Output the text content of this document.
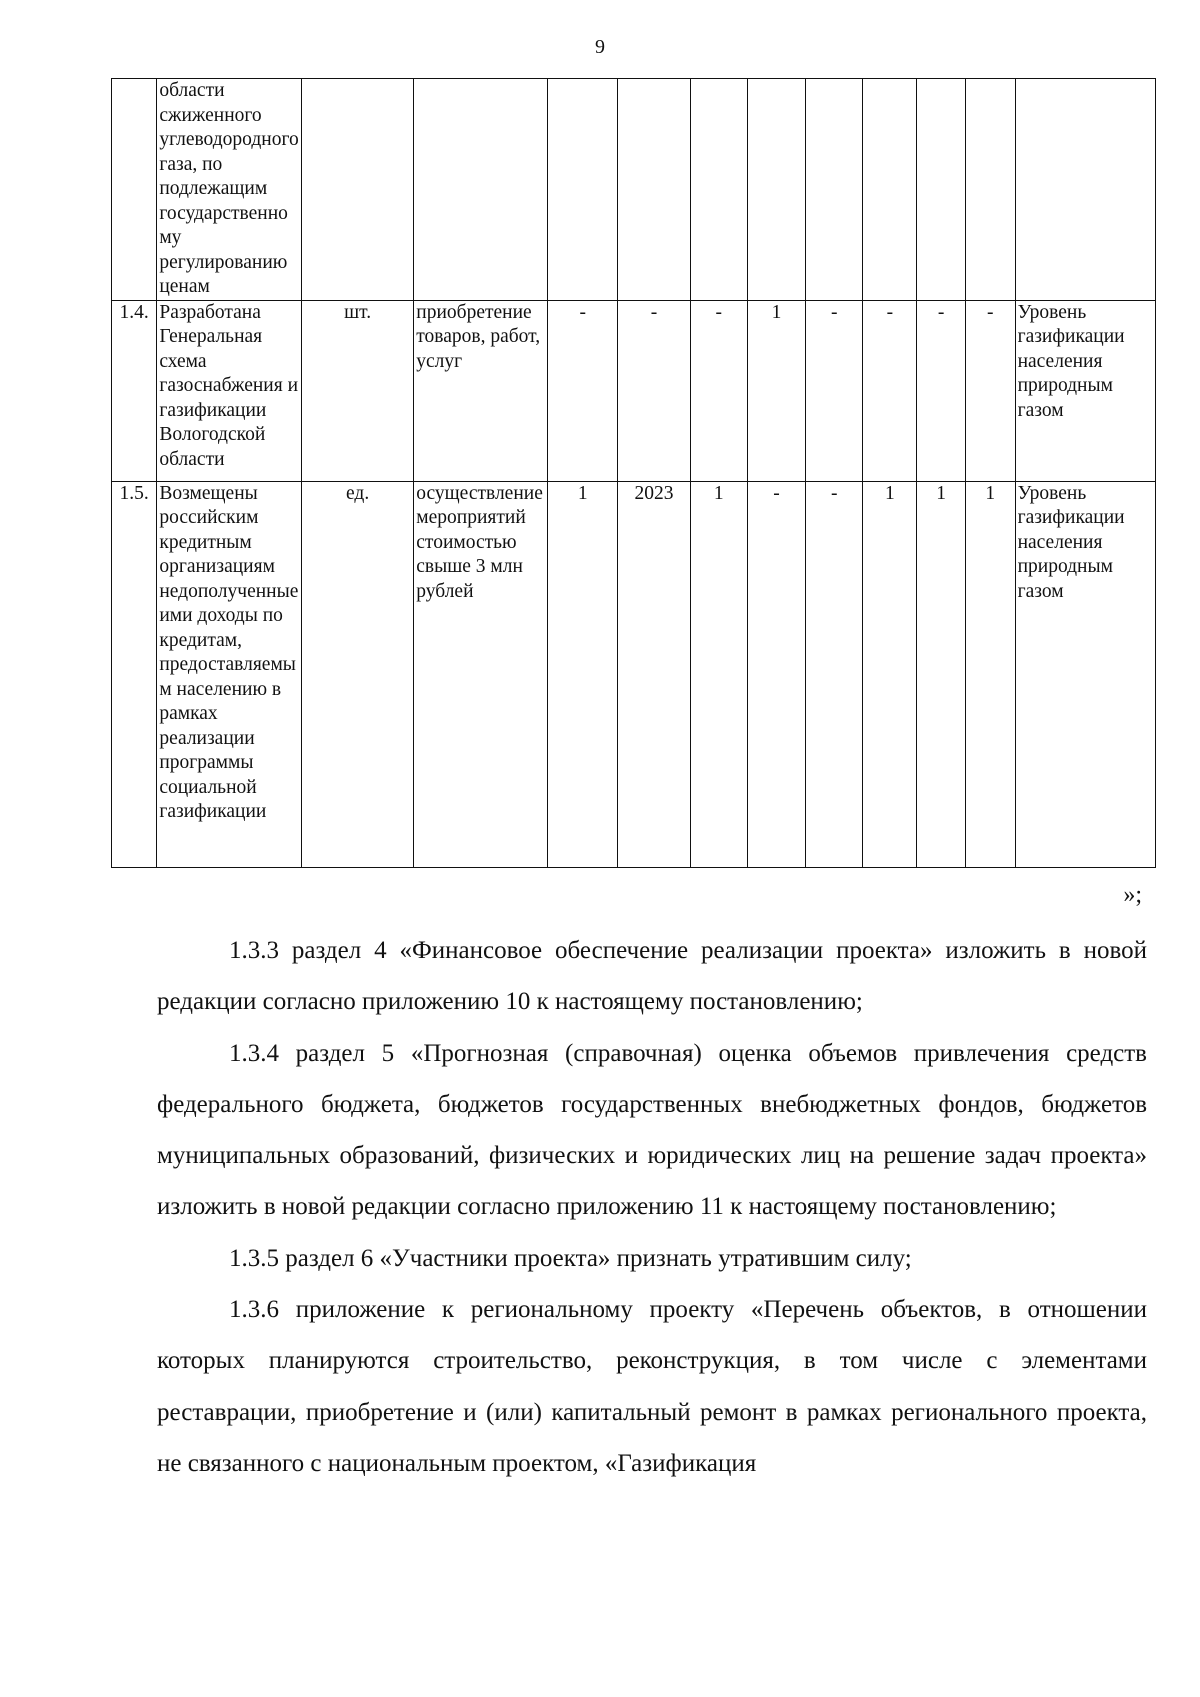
9
	области сжиженного углеводородного газа, по подлежащим государственному регулированию ценам											
1.4.	Разработана Генеральная схема газоснабжения и газификации Вологодской области	шт.	приобретение товаров, работ, услуг	-	-	-	1	-	-	-	-	Уровень газификации населения природным газом
1.5.	Возмещены российским кредитным организациям недополученные ими доходы по кредитам, предоставляемым населению в рамках реализации программы социальной газификации	ед.	осуществление мероприятий стоимостью свыше 3 млн рублей	1	2023	1	-	-	1	1	1	Уровень газификации населения природным газом
»;

1.3.3 раздел 4 «Финансовое обеспечение реализации проекта» изложить в новой редакции согласно приложению 10 к настоящему постановлению;

1.3.4 раздел 5 «Прогнозная (справочная) оценка объемов привлечения средств федерального бюджета, бюджетов государственных внебюджетных фондов, бюджетов муниципальных образований, физических и юридических лиц на решение задач проекта» изложить в новой редакции согласно приложению 11 к настоящему постановлению;

1.3.5 раздел 6 «Участники проекта» признать утратившим силу;

1.3.6 приложение к региональному проекту «Перечень объектов, в отношении которых планируются строительство, реконструкция, в том числе с элементами реставрации, приобретение и (или) капитальный ремонт в рамках регионального проекта, не связанного с национальным проектом, «Газификация
